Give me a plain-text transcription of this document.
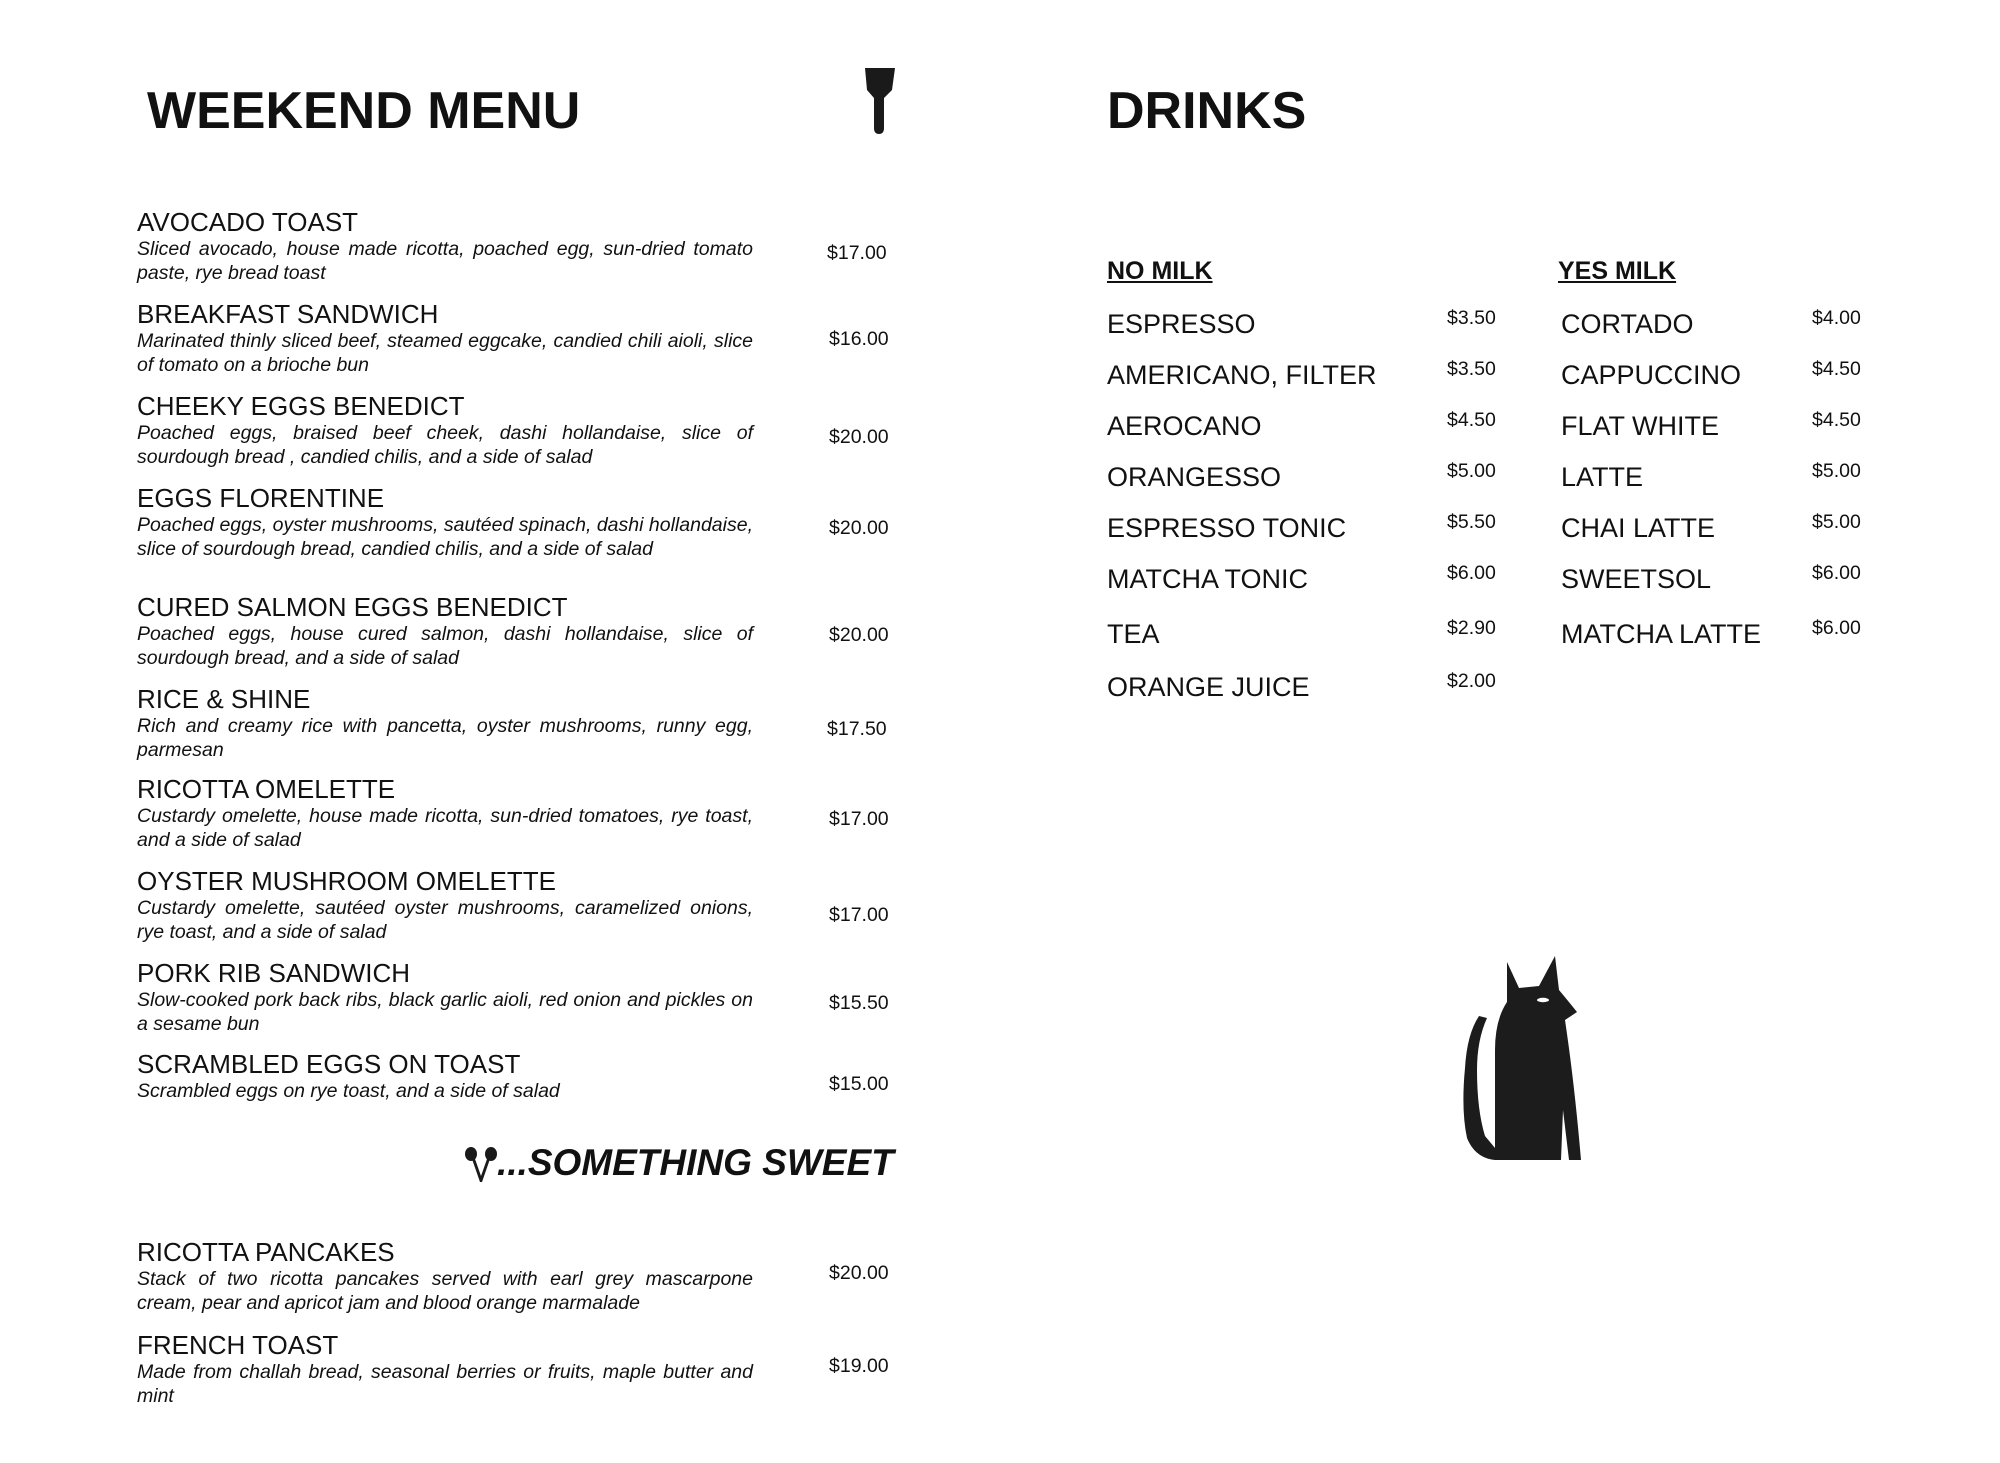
WEEKEND MENU
AVOCADO TOAST
Sliced avocado, house made ricotta, poached egg, sun-dried tomato paste, rye bread toast
$17.00
BREAKFAST SANDWICH
Marinated thinly sliced beef, steamed eggcake, candied chili aioli, slice of tomato on a brioche bun
$16.00
CHEEKY EGGS BENEDICT
Poached eggs, braised beef cheek, dashi hollandaise, slice of sourdough bread , candied chilis, and a side of salad
$20.00
EGGS FLORENTINE
Poached eggs, oyster mushrooms, sautéed spinach, dashi hollandaise, slice of sourdough bread, candied chilis, and a side of salad
$20.00
CURED SALMON EGGS BENEDICT
Poached eggs, house cured salmon, dashi hollandaise, slice of sourdough bread, and a side of salad
$20.00
RICE & SHINE
Rich and creamy rice with pancetta, oyster mushrooms, runny egg, parmesan
$17.50
RICOTTA OMELETTE
Custardy omelette, house made ricotta, sun-dried tomatoes, rye toast, and a side of salad
$17.00
OYSTER MUSHROOM OMELETTE
Custardy omelette, sautéed oyster mushrooms, caramelized onions, rye toast, and a side of salad
$17.00
PORK RIB SANDWICH
Slow-cooked pork back ribs, black garlic aioli, red onion and pickles on a sesame bun
$15.50
SCRAMBLED EGGS ON TOAST
Scrambled eggs on rye toast, and a side of salad	$15.00
...SOMETHING SWEET
RICOTTA PANCAKES
Stack of two ricotta pancakes served with earl grey mascarpone cream, pear and apricot jam and blood orange marmalade
$20.00
FRENCH TOAST
Made from challah bread, seasonal berries or fruits, maple butter and mint
$19.00
DRINKS
NO MILK	YES MILK
ESPRESSO	$3.50
AMERICANO, FILTER	$3.50
AEROCANO	$4.50
ORANGESSO	$5.00
ESPRESSO TONIC	$5.50
MATCHA TONIC	$6.00
TEA	$2.90
ORANGE JUICE	$2.00
CORTADO	$4.00
CAPPUCCINO	$4.50
FLAT WHITE	$4.50
LATTE	$5.00
CHAI LATTE	$5.00
SWEETSOL	$6.00
MATCHA LATTE	$6.00
